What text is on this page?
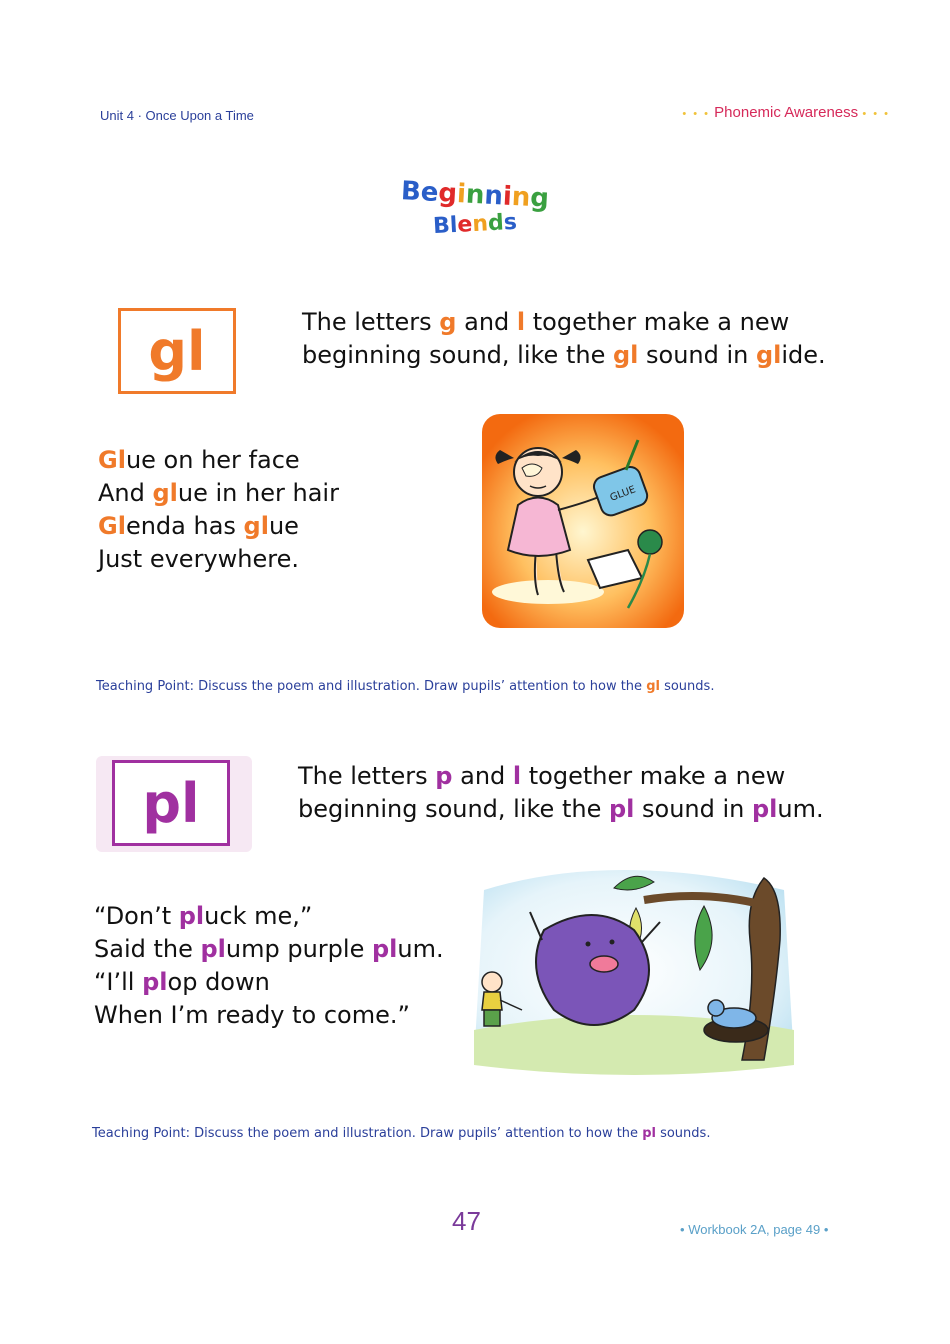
Unit 4 · Once Upon a Time	• • • Phonemic Awareness • • •
Beginning
Blends
gl	The letters g and l together make a new beginning sound, like the gl sound in glide.
Glue on her face
And glue in her hair
Glenda has glue
Just everywhere.
GLUE
Teaching Point: Discuss the poem and illustration. Draw pupils’ attention to how the gl sounds.
pl	The letters p and l together make a new beginning sound, like the pl sound in plum.
“Don’t pluck me,”
Said the plump purple plum.
“I’ll plop down
When I’m ready to come.”
Teaching Point: Discuss the poem and illustration. Draw pupils’ attention to how the pl sounds.
47	• Workbook 2A, page 49 •
